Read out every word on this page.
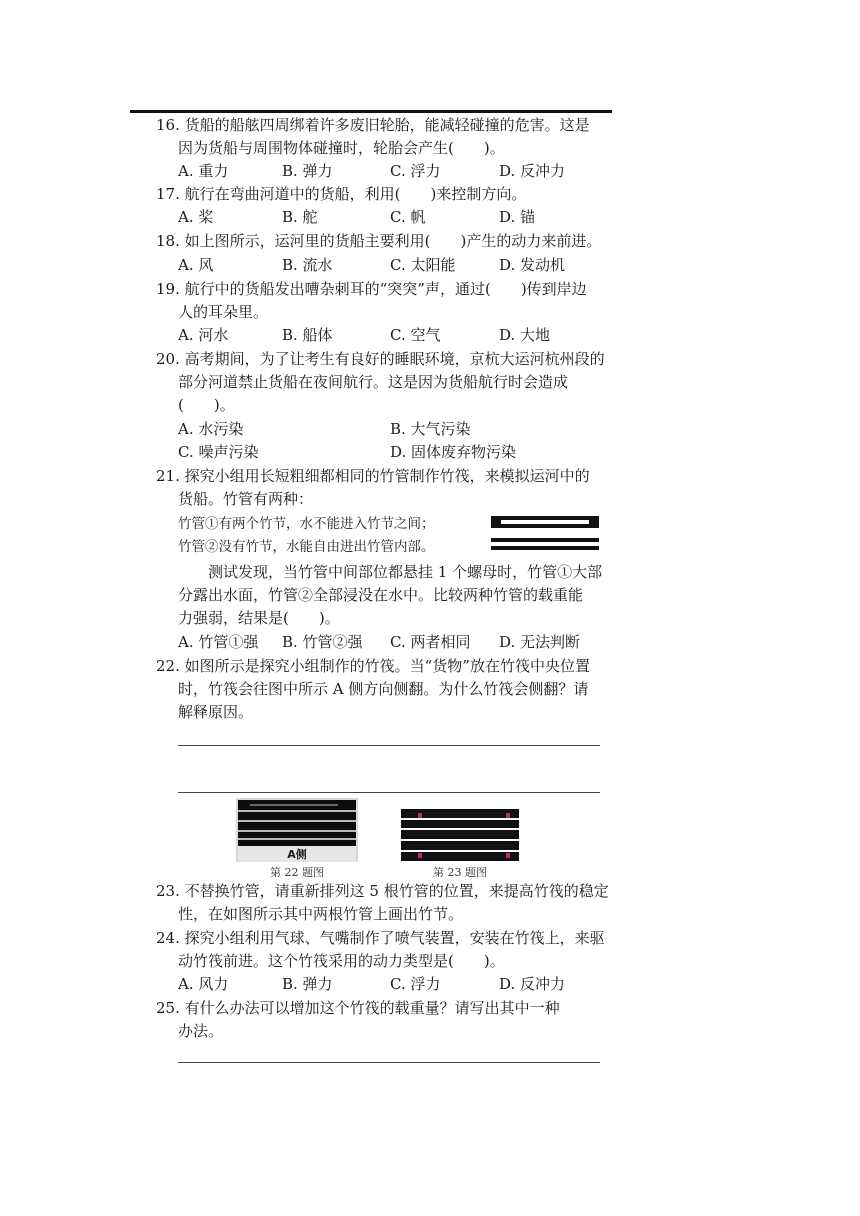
16. 货船的船舷四周绑着许多废旧轮胎，能减轻碰撞的危害。这是
因为货船与周围物体碰撞时，轮胎会产生(　　)。
A. 重力	B. 弹力	C. 浮力	D. 反冲力
17. 航行在弯曲河道中的货船，利用(　　)来控制方向。
A. 桨	B. 舵	C. 帆	D. 锚
18. 如上图所示，运河里的货船主要利用(　　)产生的动力来前进。
A. 风	B. 流水	C. 太阳能	D. 发动机
19. 航行中的货船发出嘈杂刺耳的“突突”声，通过(　　)传到岸边
人的耳朵里。
A. 河水	B. 船体	C. 空气	D. 大地
20. 高考期间，为了让考生有良好的睡眠环境，京杭大运河杭州段的
部分河道禁止货船在夜间航行。这是因为货船航行时会造成
(　　)。
A. 水污染	B. 大气污染
C. 噪声污染	D. 固体废弃物污染
21. 探究小组用长短粗细都相同的竹管制作竹筏，来模拟运河中的
货船。竹管有两种：
竹管①有两个竹节，水不能进入竹节之间；
竹管②没有竹节，水能自由进出竹管内部。
测试发现，当竹管中间部位都悬挂 1 个螺母时，竹管①大部
分露出水面，竹管②全部浸没在水中。比较两种竹管的载重能
力强弱，结果是(　　)。
A. 竹管①强 B. 竹管②强 C. 两者相同 D. 无法判断
22. 如图所示是探究小组制作的竹筏。当“货物”放在竹筏中央位置
时，竹筏会往图中所示 A 侧方向侧翻。为什么竹筏会侧翻？请
解释原因。
A侧
第 22 题图	第 23 题图
23. 不替换竹管，请重新排列这 5 根竹管的位置，来提高竹筏的稳定
性，在如图所示其中两根竹管上画出竹节。
24. 探究小组利用气球、气嘴制作了喷气装置，安装在竹筏上，来驱
动竹筏前进。这个竹筏采用的动力类型是(　　)。
A. 风力	B. 弹力	C. 浮力	D. 反冲力
25. 有什么办法可以增加这个竹筏的载重量？请写出其中一种
办法。
